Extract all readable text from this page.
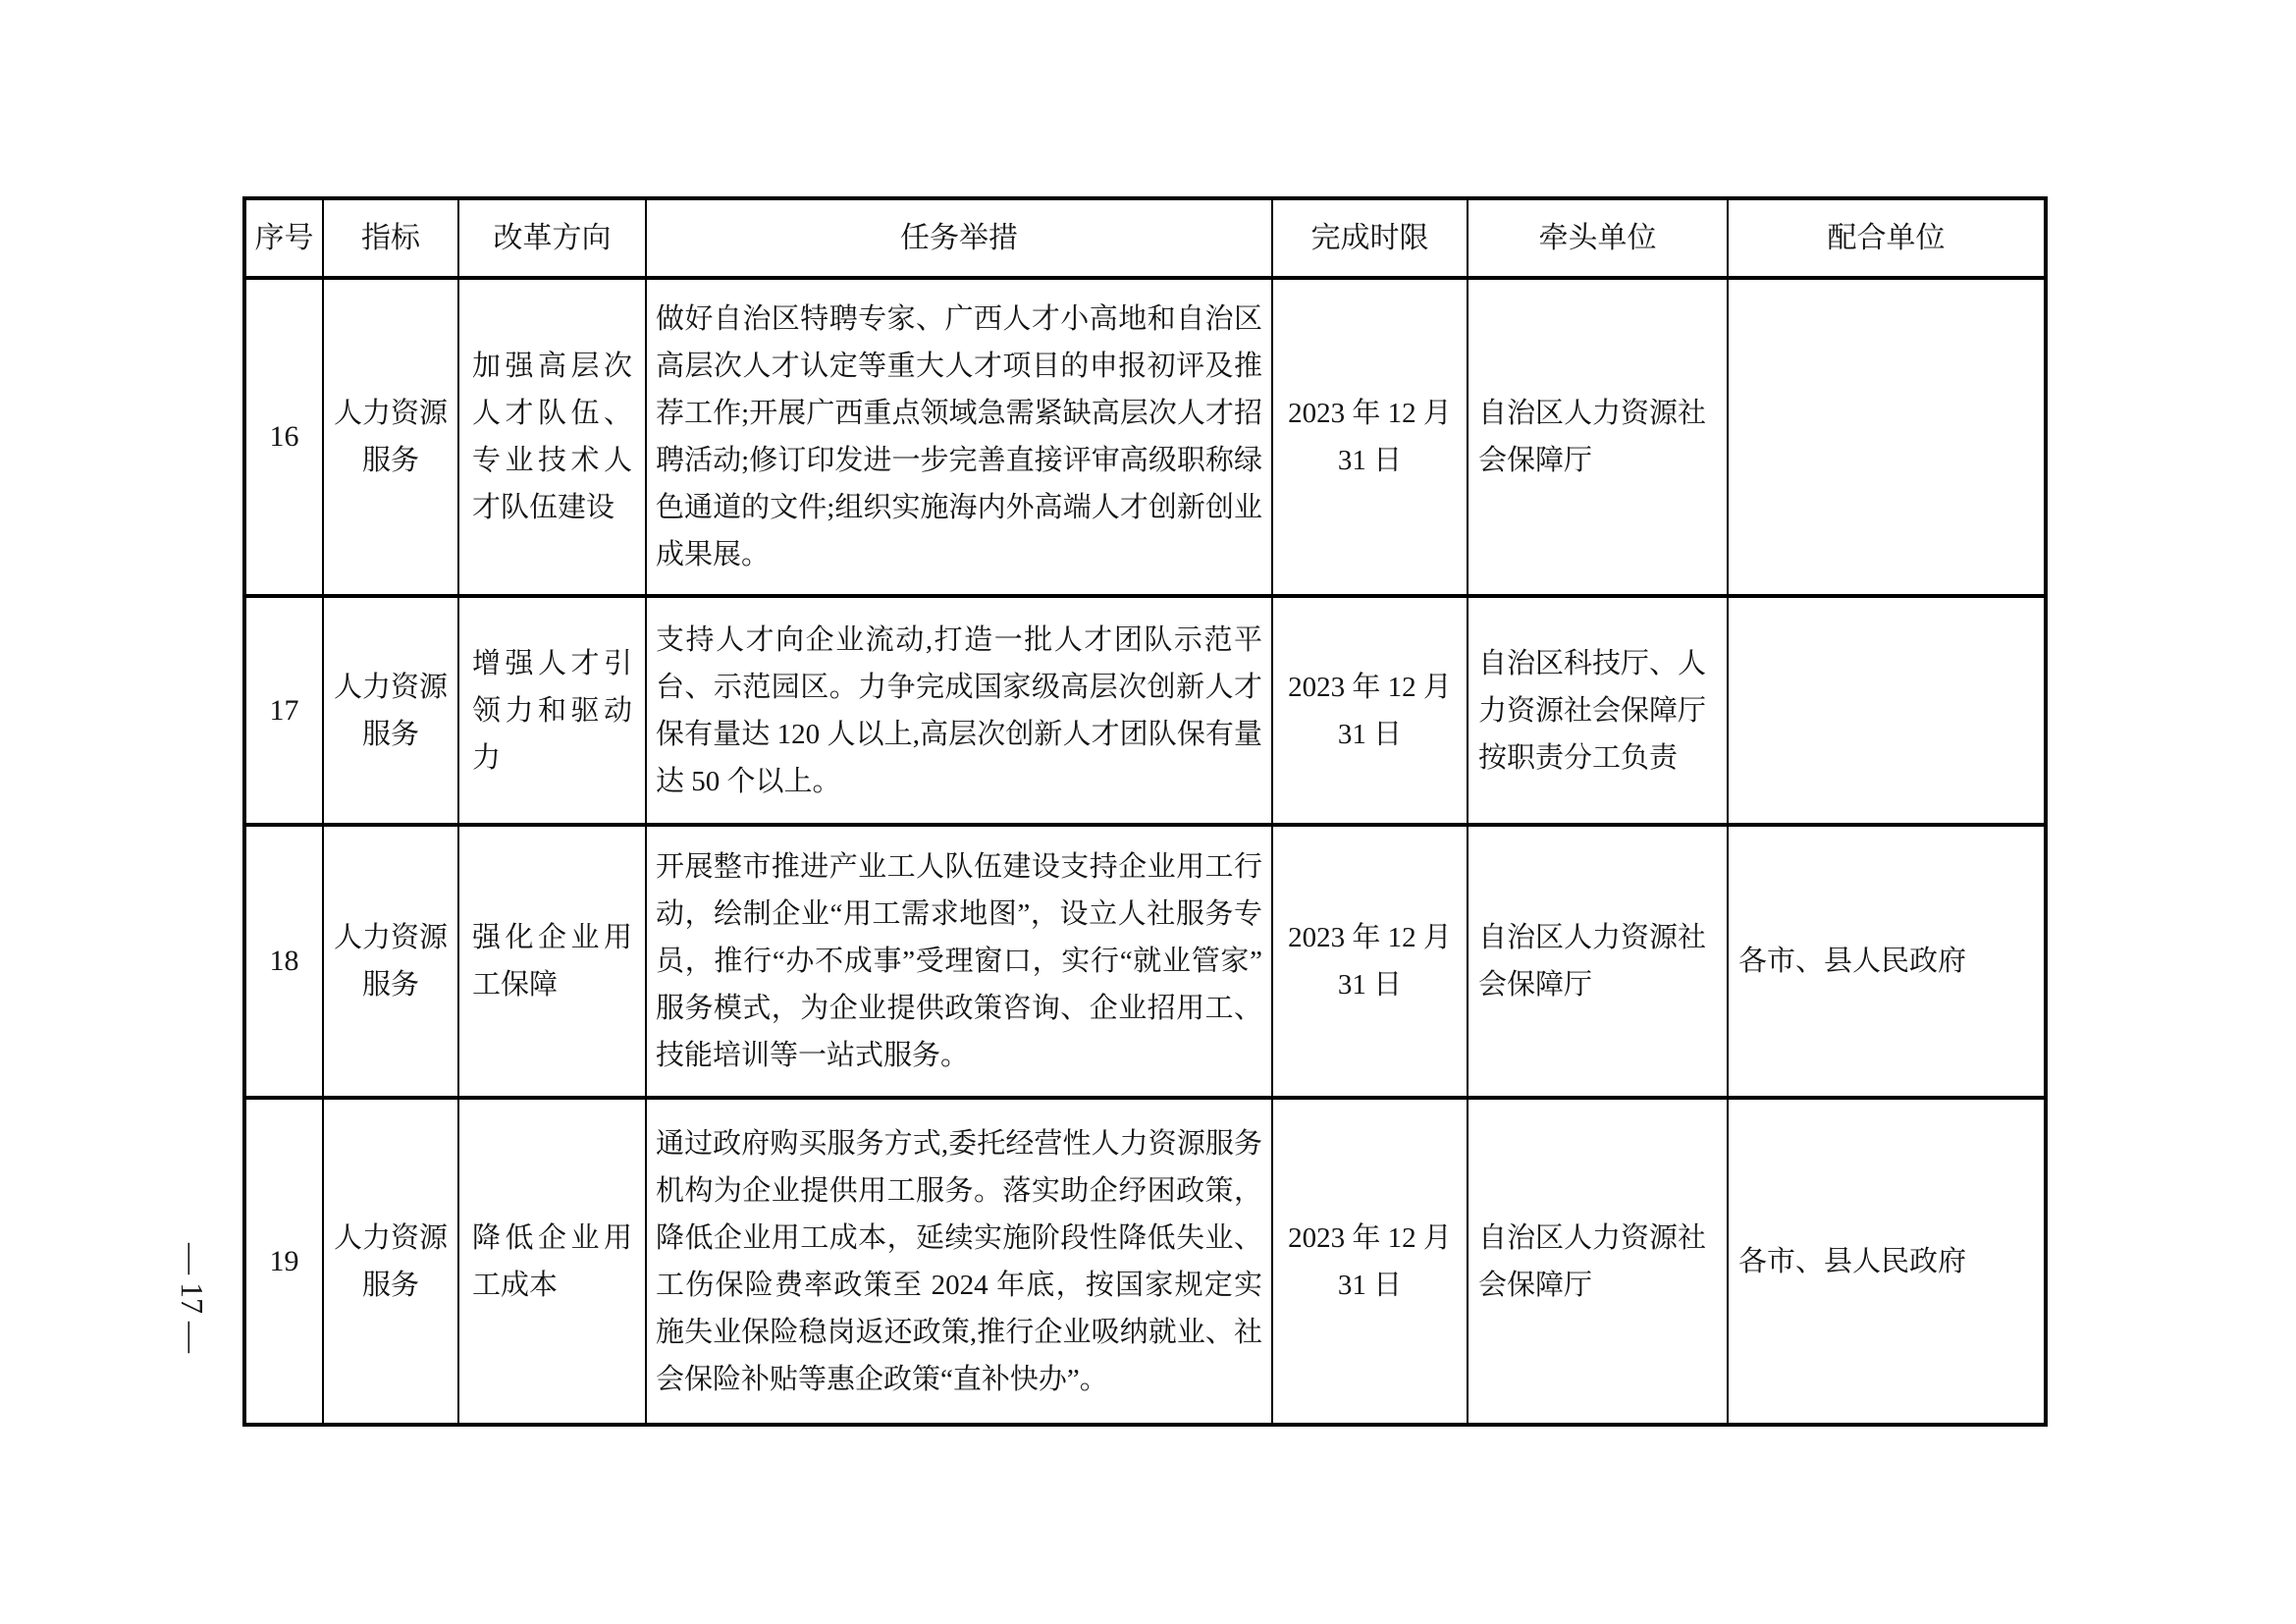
— 17 —
序号	指标	改革方向	任务举措	完成时限	牵头单位	配合单位
16	人力资源服务	加强高层次人才队伍、专业技术人才队伍建设	做好自治区特聘专家、广西人才小高地和自治区高层次人才认定等重大人才项目的申报初评及推荐工作;开展广西重点领域急需紧缺高层次人才招聘活动;修订印发进一步完善直接评审高级职称绿色通道的文件;组织实施海内外高端人才创新创业成果展。	2023 年 12 月 31 日	自治区人力资源社会保障厅	
17	人力资源服务	增强人才引领力和驱动力	支持人才向企业流动,打造一批人才团队示范平台、示范园区。力争完成国家级高层次创新人才保有量达 120 人以上,高层次创新人才团队保有量达 50 个以上。	2023 年 12 月 31 日	自治区科技厅、人力资源社会保障厅按职责分工负责	
18	人力资源服务	强化企业用工保障	开展整市推进产业工人队伍建设支持企业用工行动，绘制企业“用工需求地图”，设立人社服务专员，推行“办不成事”受理窗口，实行“就业管家”服务模式，为企业提供政策咨询、企业招用工、技能培训等一站式服务。	2023 年 12 月 31 日	自治区人力资源社会保障厅	各市、县人民政府
19	人力资源服务	降低企业用工成本	通过政府购买服务方式,委托经营性人力资源服务机构为企业提供用工服务。落实助企纾困政策，降低企业用工成本，延续实施阶段性降低失业、工伤保险费率政策至 2024 年底，按国家规定实施失业保险稳岗返还政策,推行企业吸纳就业、社会保险补贴等惠企政策“直补快办”。	2023 年 12 月 31 日	自治区人力资源社会保障厅	各市、县人民政府
